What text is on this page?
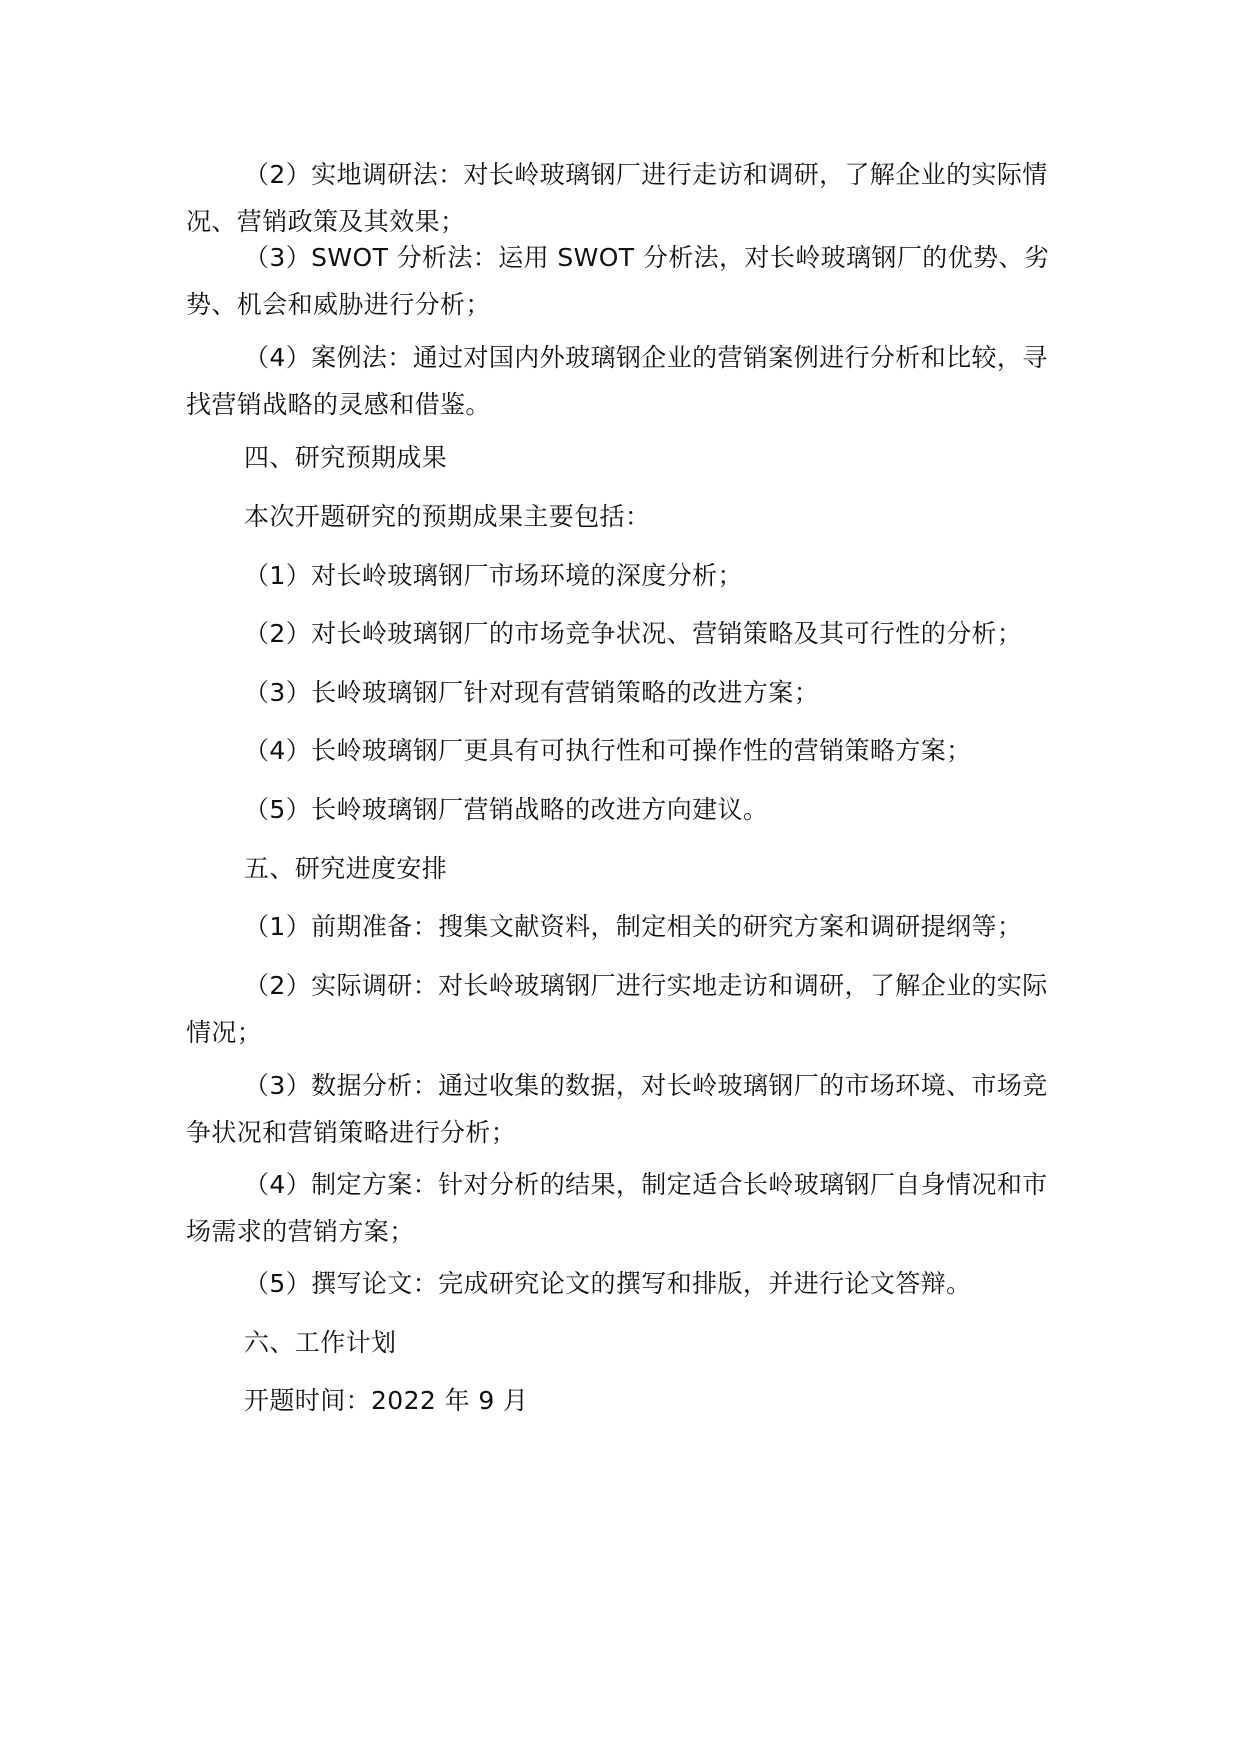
（2）实地调研法：对长岭玻璃钢厂进行走访和调研，了解企业的实际情况、营销政策及其效果；

（3）SWOT 分析法：运用 SWOT 分析法，对长岭玻璃钢厂的优势、劣势、机会和威胁进行分析；

（4）案例法：通过对国内外玻璃钢企业的营销案例进行分析和比较，寻找营销战略的灵感和借鉴。

四、研究预期成果

本次开题研究的预期成果主要包括：

（1）对长岭玻璃钢厂市场环境的深度分析；

（2）对长岭玻璃钢厂的市场竞争状况、营销策略及其可行性的分析；

（3）长岭玻璃钢厂针对现有营销策略的改进方案；

（4）长岭玻璃钢厂更具有可执行性和可操作性的营销策略方案；

（5）长岭玻璃钢厂营销战略的改进方向建议。

五、研究进度安排

（1）前期准备：搜集文献资料，制定相关的研究方案和调研提纲等；

（2）实际调研：对长岭玻璃钢厂进行实地走访和调研，了解企业的实际情况；

（3）数据分析：通过收集的数据，对长岭玻璃钢厂的市场环境、市场竞争状况和营销策略进行分析；

（4）制定方案：针对分析的结果，制定适合长岭玻璃钢厂自身情况和市场需求的营销方案；

（5）撰写论文：完成研究论文的撰写和排版，并进行论文答辩。

六、工作计划

开题时间：2022 年 9 月
